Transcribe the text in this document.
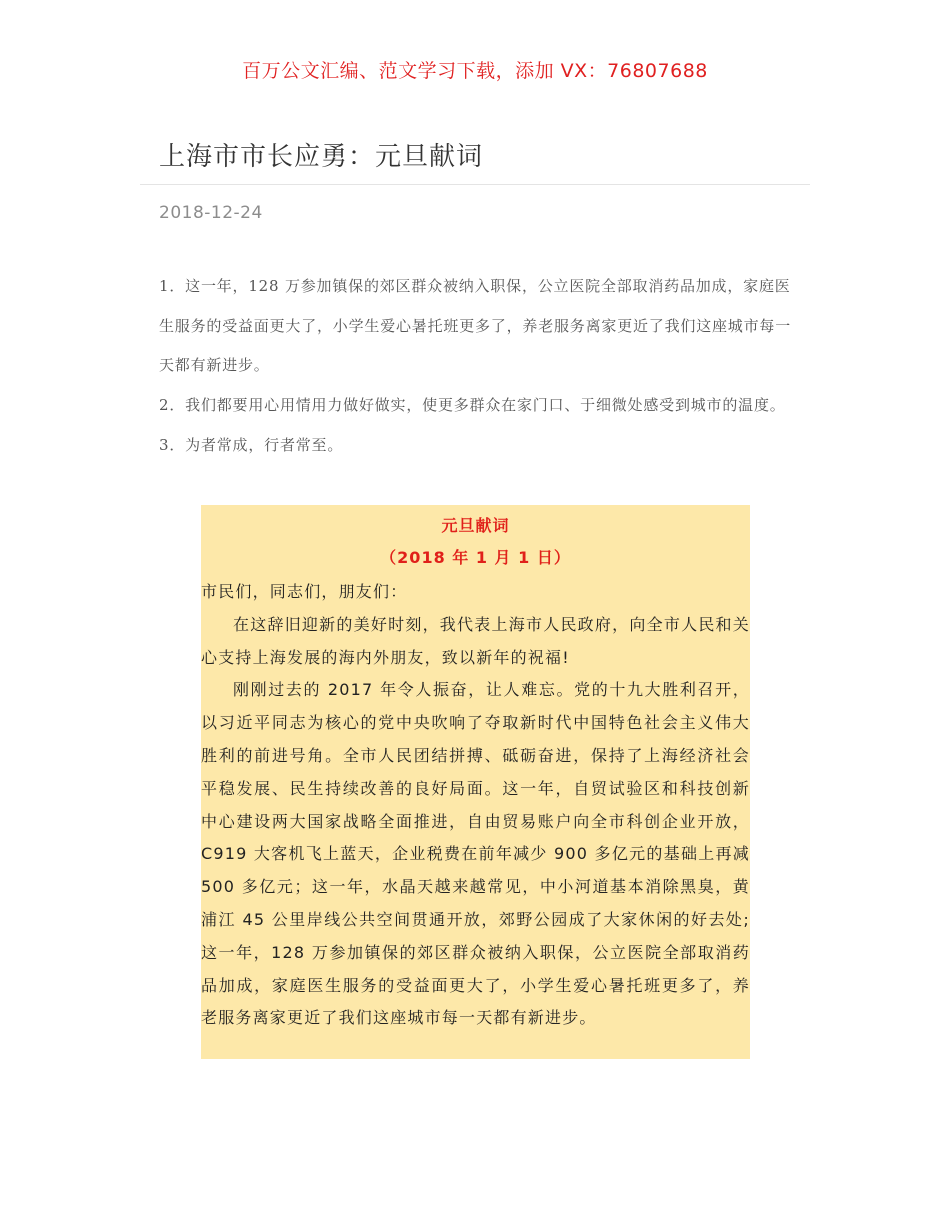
百万公文汇编、范文学习下载，添加 VX：76807688
上海市市长应勇：元旦献词
2018-12-24

1．这一年，128 万参加镇保的郊区群众被纳入职保，公立医院全部取消药品加成，家庭医生服务的受益面更大了，小学生爱心暑托班更多了，养老服务离家更近了我们这座城市每一天都有新进步。

2．我们都要用心用情用力做好做实，使更多群众在家门口、于细微处感受到城市的温度。

3．为者常成，行者常至。

元旦献词
（2018 年 1 月 1 日）

市民们，同志们，朋友们：

在这辞旧迎新的美好时刻，我代表上海市人民政府，向全市人民和关心支持上海发展的海内外朋友，致以新年的祝福!

刚刚过去的 2017 年令人振奋，让人难忘。党的十九大胜利召开，以习近平同志为核心的党中央吹响了夺取新时代中国特色社会主义伟大胜利的前进号角。全市人民团结拼搏、砥砺奋进，保持了上海经济社会平稳发展、民生持续改善的良好局面。这一年，自贸试验区和科技创新中心建设两大国家战略全面推进，自由贸易账户向全市科创企业开放，C919 大客机飞上蓝天，企业税费在前年减少 900 多亿元的基础上再减 500 多亿元；这一年，水晶天越来越常见，中小河道基本消除黑臭，黄浦江 45 公里岸线公共空间贯通开放，郊野公园成了大家休闲的好去处;这一年，128 万参加镇保的郊区群众被纳入职保，公立医院全部取消药品加成，家庭医生服务的受益面更大了，小学生爱心暑托班更多了，养老服务离家更近了我们这座城市每一天都有新进步。
